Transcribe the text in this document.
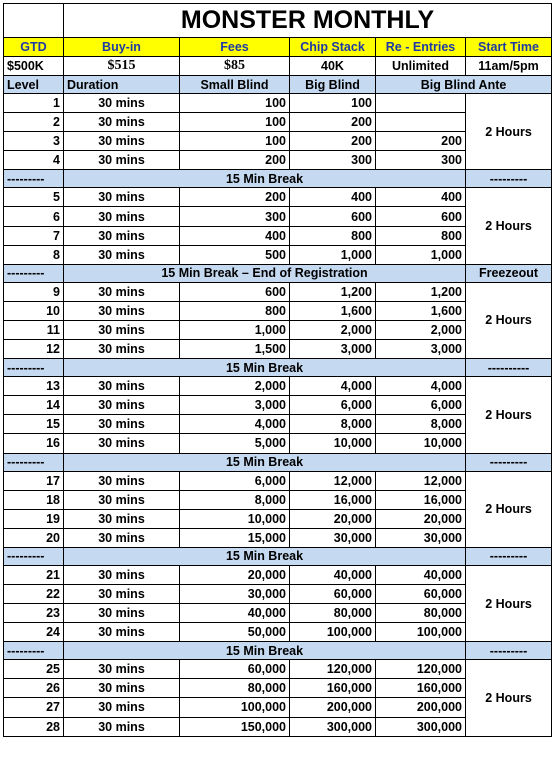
	MONSTER MONTHLY				
GTD	Buy-in	Fees	Chip Stack	Re - Entries	Start Time
$500K	$515	$85	40K	Unlimited	11am/5pm
Level	Duration	Small Blind	Big Blind	Big Blind Ante	
1	30 mins	100	100		2 Hours
2	30 mins	100	200		
3	30 mins	100	200	200	
4	30 mins	200	300	300	
---------	15 Min Break				---------
5	30 mins	200	400	400	2 Hours
6	30 mins	300	600	600	
7	30 mins	400	800	800	
8	30 mins	500	1,000	1,000	
---------	15 Min Break – End of Registration				Freezeout
9	30 mins	600	1,200	1,200	2 Hours
10	30 mins	800	1,600	1,600	
11	30 mins	1,000	2,000	2,000	
12	30 mins	1,500	3,000	3,000	
---------	15 Min Break				----------
13	30 mins	2,000	4,000	4,000	2 Hours
14	30 mins	3,000	6,000	6,000	
15	30 mins	4,000	8,000	8,000	
16	30 mins	5,000	10,000	10,000	
---------	15 Min Break				---------
17	30 mins	6,000	12,000	12,000	2 Hours
18	30 mins	8,000	16,000	16,000	
19	30 mins	10,000	20,000	20,000	
20	30 mins	15,000	30,000	30,000	
---------	15 Min Break				---------
21	30 mins	20,000	40,000	40,000	2 Hours
22	30 mins	30,000	60,000	60,000	
23	30 mins	40,000	80,000	80,000	
24	30 mins	50,000	100,000	100,000	
---------	15 Min Break				---------
25	30 mins	60,000	120,000	120,000	2 Hours
26	30 mins	80,000	160,000	160,000	
27	30 mins	100,000	200,000	200,000	
28	30 mins	150,000	300,000	300,000	
